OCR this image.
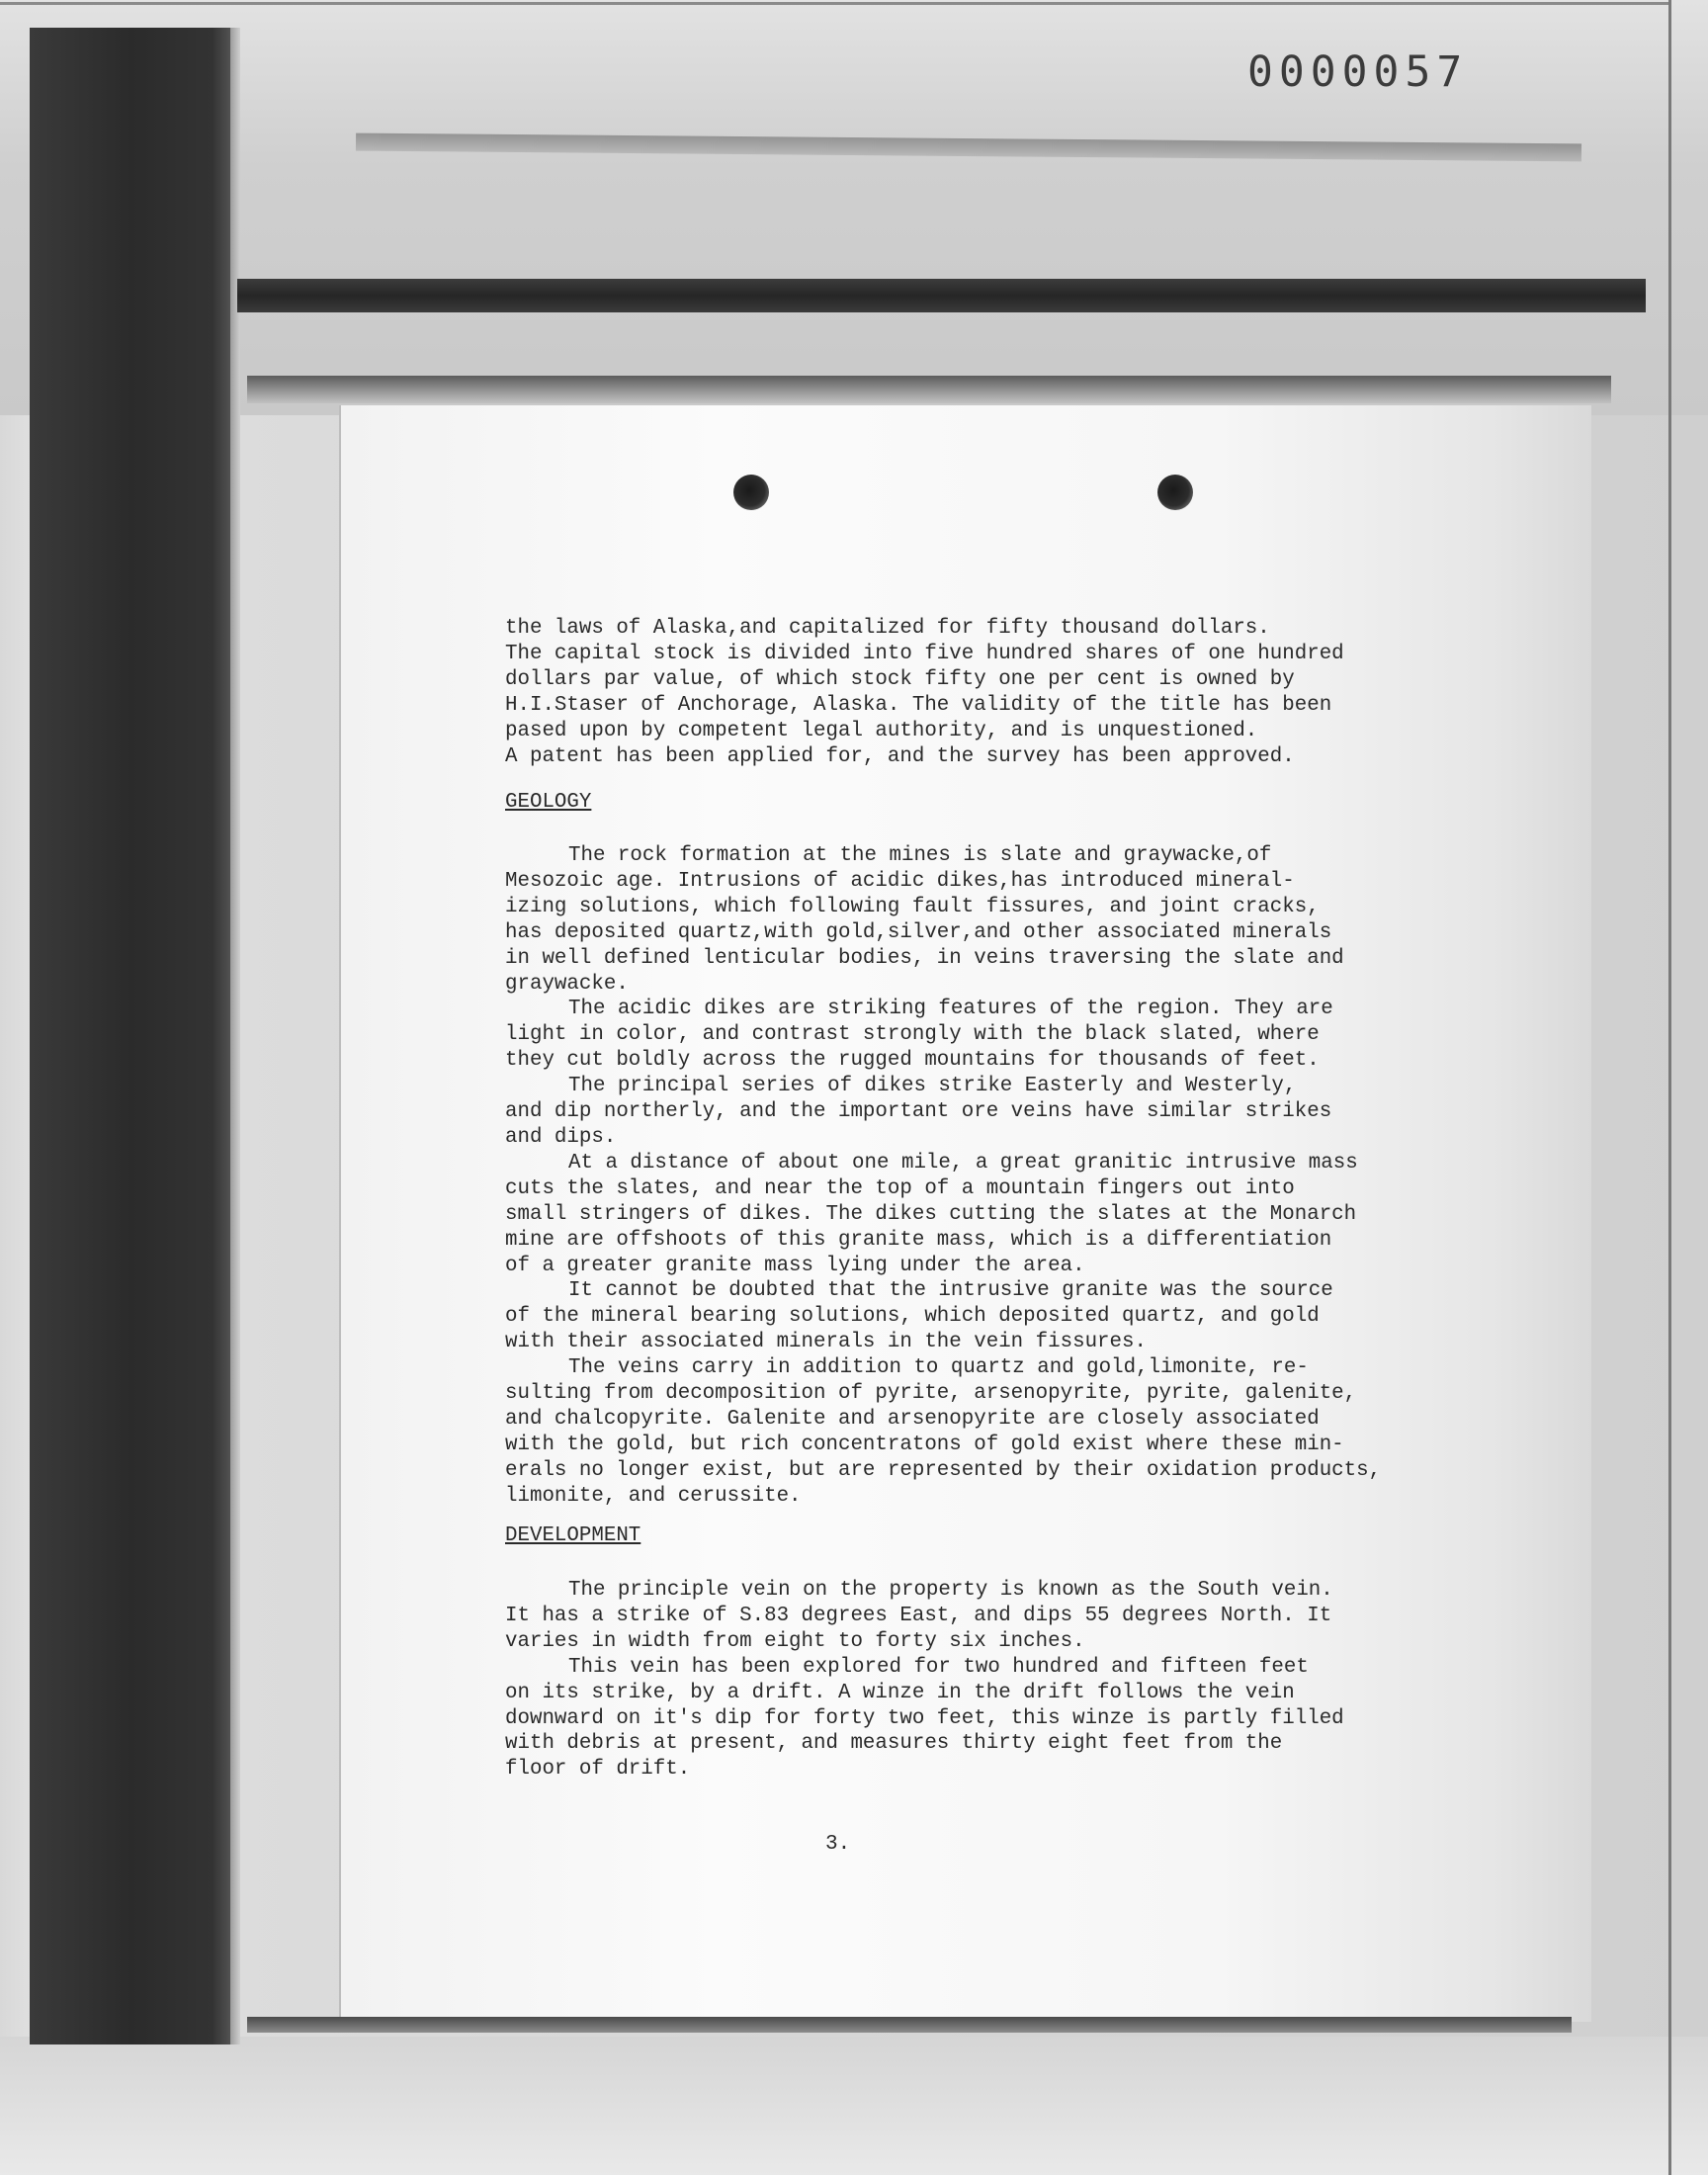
0000057

the laws of Alaska,and capitalized for fifty thousand dollars.

The capital stock is divided into five hundred shares of one hundred

dollars par value, of which stock fifty one per cent is owned by

H.I.Staser of Anchorage, Alaska. The validity of the title has been

pased upon by competent legal authority, and is unquestioned.

A patent has been applied for, and the survey has been approved.

GEOLOGY

The rock formation at the mines is slate and graywacke,of

Mesozoic age. Intrusions of acidic dikes,has introduced mineral-

izing solutions, which following fault fissures, and joint cracks,

has deposited quartz,with gold,silver,and other associated minerals

in well defined lenticular bodies, in veins traversing the slate and

graywacke.

The acidic dikes are striking features of the region. They are

light in color, and contrast strongly with the black slated, where

they cut boldly across the rugged mountains for thousands of feet.

The principal series of dikes strike Easterly and Westerly,

and dip northerly, and the important ore veins have similar strikes

and dips.

At a distance of about one mile, a great granitic intrusive mass

cuts the slates, and near the top of a mountain fingers out into

small stringers of dikes. The dikes cutting the slates at the Monarch

mine are offshoots of this granite mass, which is a differentiation

of a greater granite mass lying under the area.

It cannot be doubted that the intrusive granite was the source

of the mineral bearing solutions, which deposited quartz, and gold

with their associated minerals in the vein fissures.

The veins carry in addition to quartz and gold,limonite, re-

sulting from decomposition of pyrite, arsenopyrite, pyrite, galenite,

and chalcopyrite. Galenite and arsenopyrite are closely associated

with the gold, but rich concentratons of gold exist where these min-

erals no longer exist, but are represented by their oxidation products,

limonite, and cerussite.

DEVELOPMENT

The principle vein on the property is known as the South vein.

It has a strike of S.83 degrees East, and dips 55 degrees North. It

varies in width from eight to forty six inches.

This vein has been explored for two hundred and fifteen feet

on its strike, by a drift. A winze in the drift follows the vein

downward on it's dip for forty two feet, this winze is partly filled

with debris at present, and measures thirty eight feet from the

floor of drift.

3.
